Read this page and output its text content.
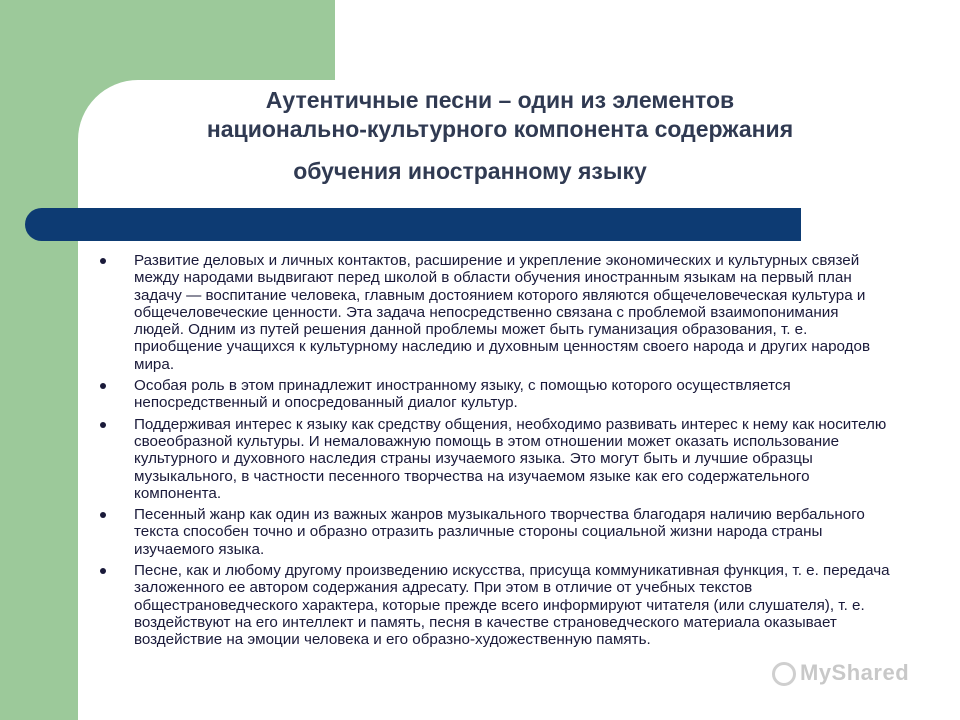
Аутентичные песни – один из элементов
национально-культурного компонента содержания
обучения иностранному языку
Развитие деловых и личных контактов, расширение и укрепление экономических и культурных связей между народами выдвигают перед школой в области обучения иностранным языкам на первый план задачу — воспитание человека, главным достоянием которого являются общечеловеческая культура и общечеловеческие ценности. Эта задача непосредственно связана с проблемой взаимопонимания людей. Одним из путей решения данной проблемы может быть гуманизация образования, т. е. приобщение учащихся к культурному наследию и духовным ценностям своего народа и других народов мира.
Особая роль в этом принадлежит иностранному языку, с помощью которого осуществляется непосредственный и опосредованный диалог культур.
Поддерживая интерес к языку как средству общения, необходимо развивать интерес к нему как носителю своеобразной культуры. И немаловажную помощь в этом отношении может оказать использование культурного и духовного наследия страны изучаемого языка. Это могут быть и лучшие образцы музыкального, в частности песенного творчества на изучаемом языке как его содержательного компонента.
Песенный жанр как один из важных жанров музыкального творчества благодаря наличию вербального текста способен точно и образно отразить различные стороны социальной жизни народа страны изучаемого языка.
Песне, как и любому другому произведению искусства, присуща коммуникативная функция, т. е. передача заложенного ее автором содержания адресату. При этом в отличие от учебных текстов общестрановедческого характера, которые прежде всего информируют читателя (или слушателя), т. е. воздействуют на его интеллект и память, песня в качестве страноведческого материала оказывает воздействие на эмоции человека и его образно-художественную память.
MyShared
